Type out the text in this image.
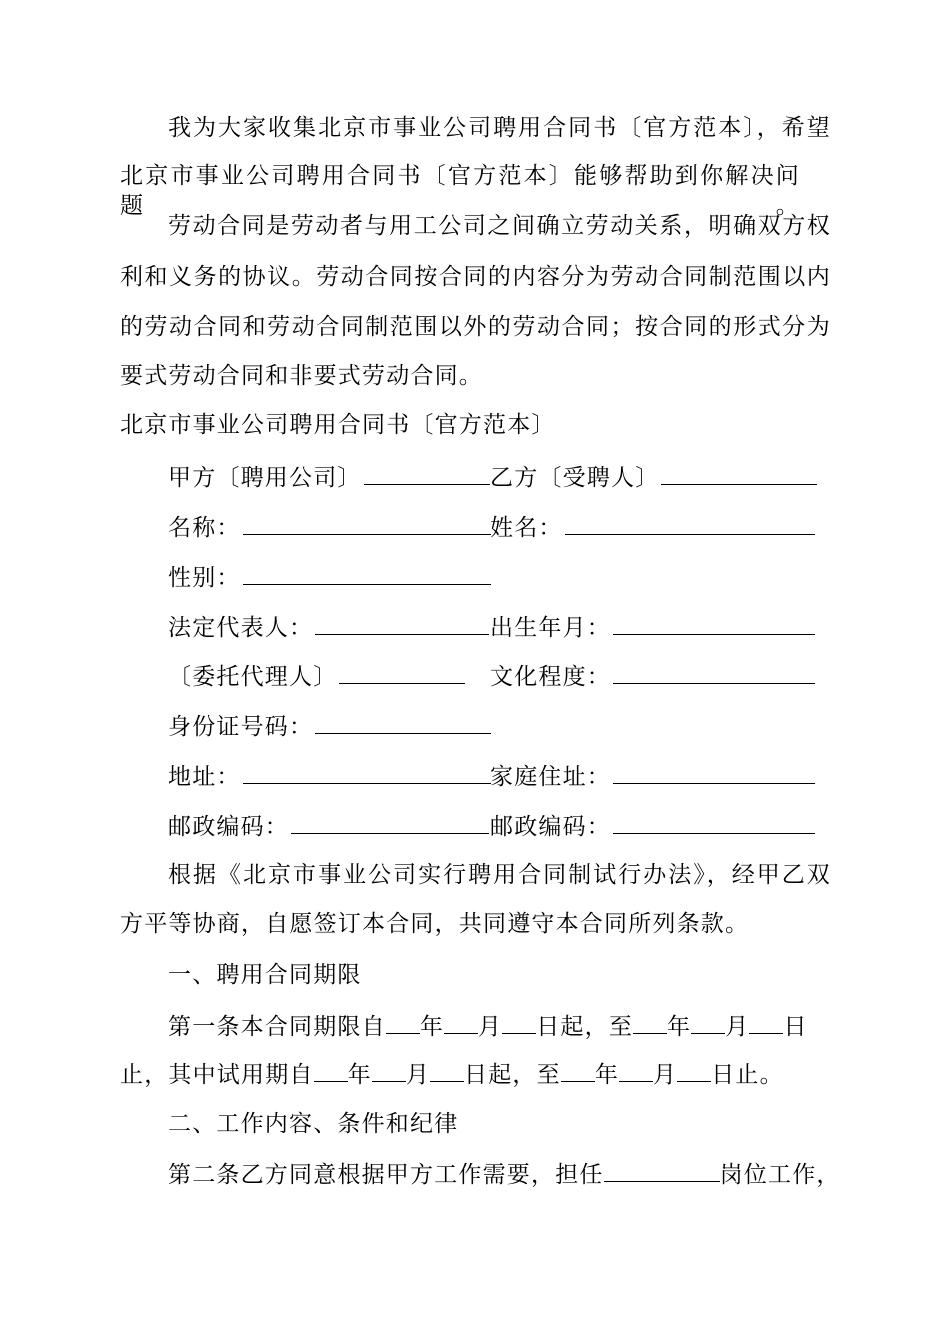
我为大家收集北京市事业公司聘用合同书〔官方范本〕，希望
北京市事业公司聘用合同书〔官方范本〕能够帮助到你解决问题。
劳动合同是劳动者与用工公司之间确立劳动关系，明确双方权
利和义务的协议。劳动合同按合同的内容分为劳动合同制范围以内
的劳动合同和劳动合同制范围以外的劳动合同；按合同的形式分为
要式劳动合同和非要式劳动合同。
北京市事业公司聘用合同书〔官方范本〕
甲方〔聘用公司〕	乙方〔受聘人〕
名称：	姓名：
性别：
法定代表人：	出生年月：
〔委托代理人〕	文化程度：
身份证号码：
地址：	家庭住址：
邮政编码：	邮政编码：
根据《北京市事业公司实行聘用合同制试行办法》，经甲乙双
方平等协商，自愿签订本合同，共同遵守本合同所列条款。
一、聘用合同期限
第一条本合同期限自 年 月 日起，至 年 月 日
止，其中试用期自 年 月 日起，至 年 月 日止。
二、工作内容、条件和纪律
第二条乙方同意根据甲方工作需要，担任	岗位工作，
